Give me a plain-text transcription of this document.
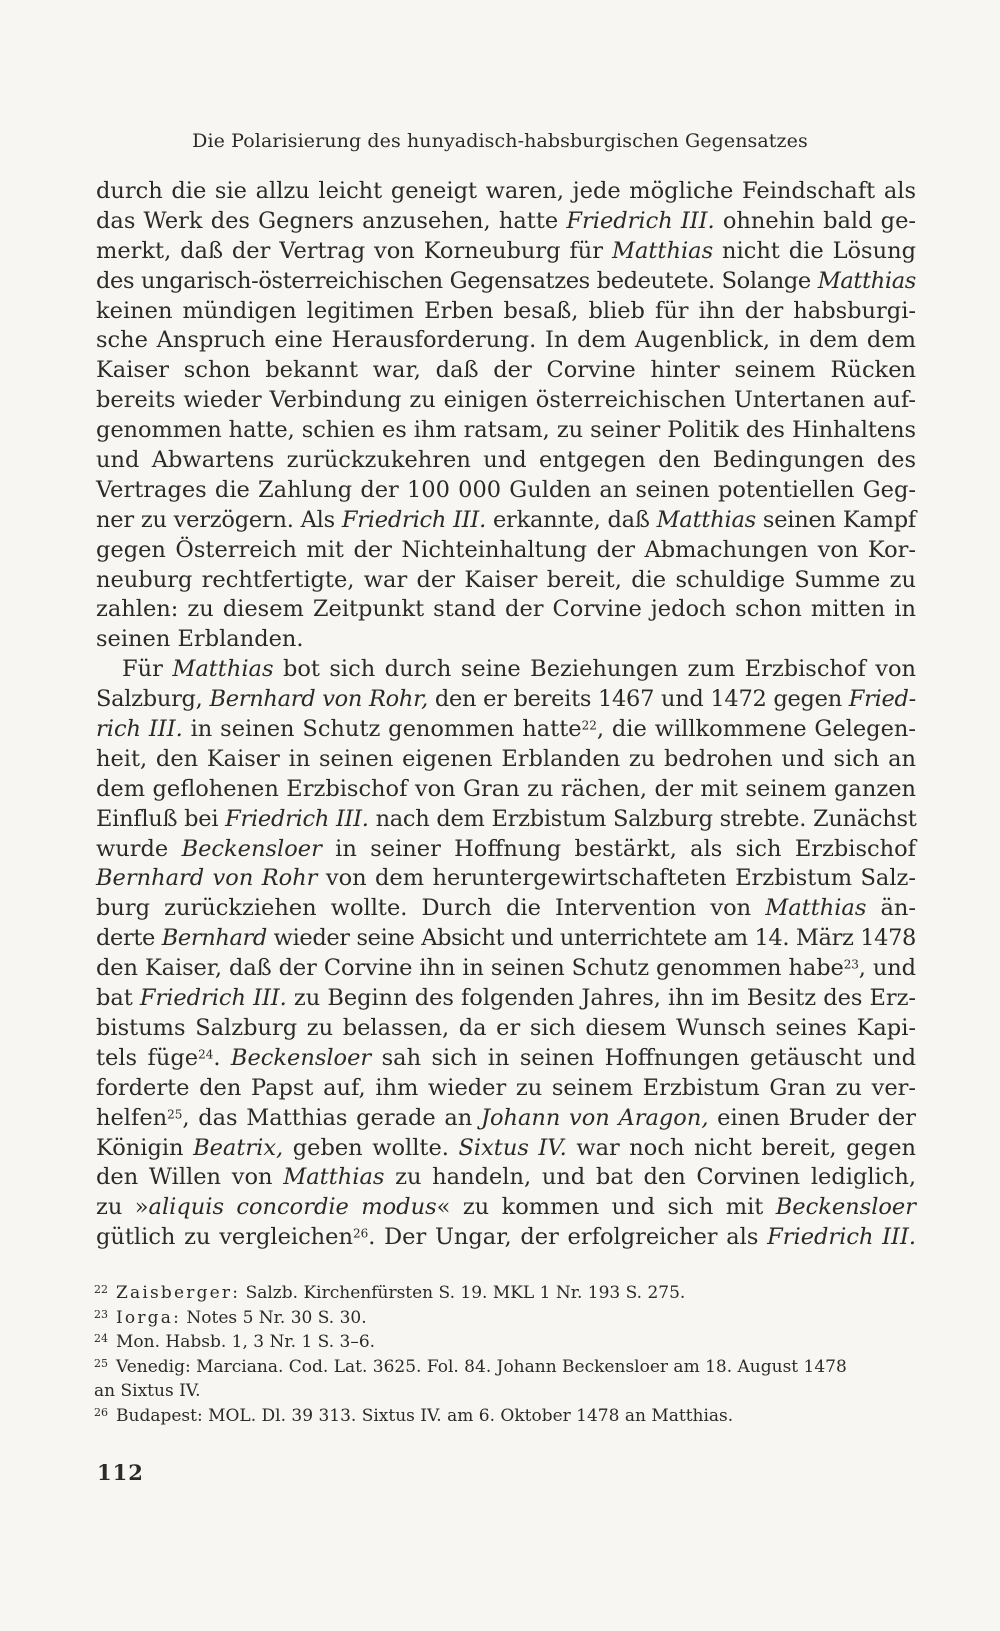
Die Polarisierung des hunyadisch-habsburgischen Gegensatzes
durch die sie allzu leicht geneigt waren, jede mögliche Feindschaft als
das Werk des Gegners anzusehen, hatte Friedrich III. ohnehin bald ge-
merkt, daß der Vertrag von Korneuburg für Matthias nicht die Lösung
des ungarisch-österreichischen Gegensatzes bedeutete. Solange Matthias
keinen mündigen legitimen Erben besaß, blieb für ihn der habsburgi-
sche Anspruch eine Herausforderung. In dem Augenblick, in dem dem
Kaiser schon bekannt war, daß der Corvine hinter seinem Rücken
bereits wieder Verbindung zu einigen österreichischen Untertanen auf-
genommen hatte, schien es ihm ratsam, zu seiner Politik des Hinhaltens
und Abwartens zurückzukehren und entgegen den Bedingungen des
Vertrages die Zahlung der 100 000 Gulden an seinen potentiellen Geg-
ner zu verzögern. Als Friedrich III. erkannte, daß Matthias seinen Kampf
gegen Österreich mit der Nichteinhaltung der Abmachungen von Kor-
neuburg rechtfertigte, war der Kaiser bereit, die schuldige Summe zu
zahlen: zu diesem Zeitpunkt stand der Corvine jedoch schon mitten in
seinen Erblanden.
Für Matthias bot sich durch seine Beziehungen zum Erzbischof von
Salzburg, Bernhard von Rohr, den er bereits 1467 und 1472 gegen Fried-
rich III. in seinen Schutz genommen hatte$^{22}$, die willkommene Gelegen-
heit, den Kaiser in seinen eigenen Erblanden zu bedrohen und sich an
dem geflohenen Erzbischof von Gran zu rächen, der mit seinem ganzen
Einfluß bei Friedrich III. nach dem Erzbistum Salzburg strebte. Zunächst
wurde Beckensloer in seiner Hoffnung bestärkt, als sich Erzbischof
Bernhard von Rohr von dem heruntergewirtschafteten Erzbistum Salz-
burg zurückziehen wollte. Durch die Intervention von Matthias än-
derte Bernhard wieder seine Absicht und unterrichtete am 14. März 1478
den Kaiser, daß der Corvine ihn in seinen Schutz genommen habe$^{23}$, und
bat Friedrich III. zu Beginn des folgenden Jahres, ihn im Besitz des Erz-
bistums Salzburg zu belassen, da er sich diesem Wunsch seines Kapi-
tels füge$^{24}$. Beckensloer sah sich in seinen Hoffnungen getäuscht und
forderte den Papst auf, ihm wieder zu seinem Erzbistum Gran zu ver-
helfen$^{25}$, das Matthias gerade an Johann von Aragon, einen Bruder der
Königin Beatrix, geben wollte. Sixtus IV. war noch nicht bereit, gegen
den Willen von Matthias zu handeln, und bat den Corvinen lediglich,
zu »aliquis concordie modus« zu kommen und sich mit Beckensloer
gütlich zu vergleichen$^{26}$. Der Ungar, der erfolgreicher als Friedrich III.
22 Zaisberger: Salzb. Kirchenfürsten S. 19. MKL 1 Nr. 193 S. 275.
23 Iorga: Notes 5 Nr. 30 S. 30.
24 Mon. Habsb. 1, 3 Nr. 1 S. 3–6.
25 Venedig: Marciana. Cod. Lat. 3625. Fol. 84. Johann Beckensloer am 18. August 1478
an Sixtus IV.
26 Budapest: MOL. Dl. 39 313. Sixtus IV. am 6. Oktober 1478 an Matthias.
112
